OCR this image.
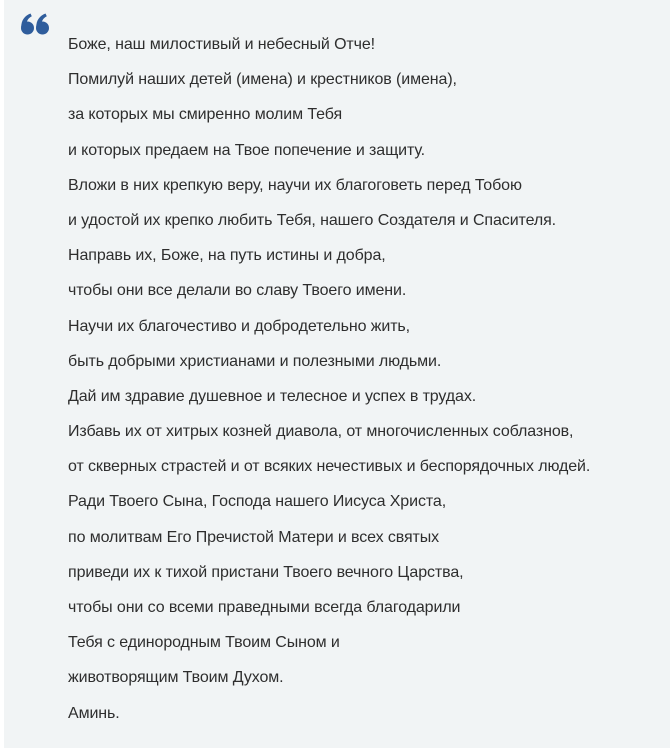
Боже, наш милостивый и небесный Отче!
Помилуй наших детей (имена) и крестников (имена),
за которых мы смиренно молим Тебя
и которых предаем на Твое попечение и защиту.
Вложи в них крепкую веру, научи их благоговеть перед Тобою
и удостой их крепко любить Тебя, нашего Создателя и Спасителя.
Направь их, Боже, на путь истины и добра,
чтобы они все делали во славу Твоего имени.
Научи их благочестиво и добродетельно жить,
быть добрыми христианами и полезными людьми.
Дай им здравие душевное и телесное и успех в трудах.
Избавь их от хитрых козней диавола, от многочисленных соблазнов,
от скверных страстей и от всяких нечестивых и беспорядочных людей.
Ради Твоего Сына, Господа нашего Иисуса Христа,
по молитвам Его Пречистой Матери и всех святых
приведи их к тихой пристани Твоего вечного Царства,
чтобы они со всеми праведными всегда благодарили
Тебя с единородным Твоим Сыном и
животворящим Твоим Духом.
Аминь.
